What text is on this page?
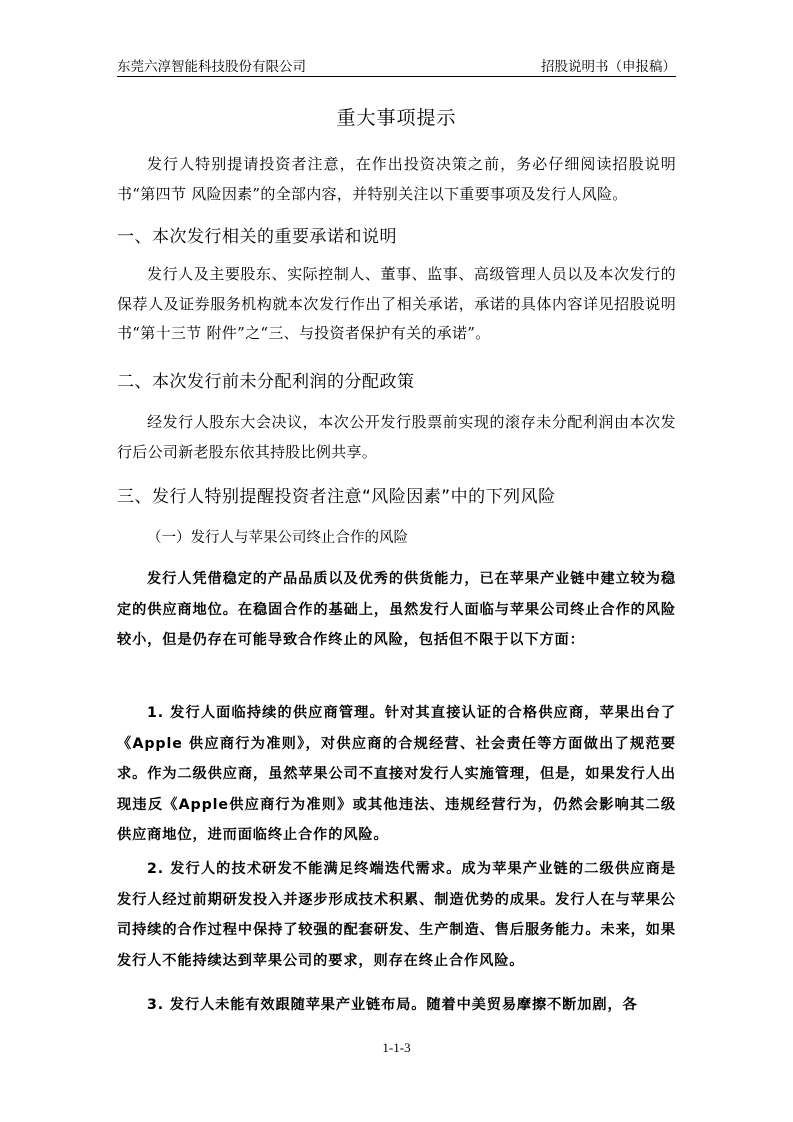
东莞六淳智能科技股份有限公司	招股说明书（申报稿）
重大事项提示
发行人特别提请投资者注意，在作出投资决策之前，务必仔细阅读招股说明书“第四节 风险因素”的全部内容，并特别关注以下重要事项及发行人风险。
一、本次发行相关的重要承诺和说明
发行人及主要股东、实际控制人、董事、监事、高级管理人员以及本次发行的保荐人及证券服务机构就本次发行作出了相关承诺，承诺的具体内容详见招股说明书“第十三节 附件”之“三、与投资者保护有关的承诺”。
二、本次发行前未分配利润的分配政策
经发行人股东大会决议，本次公开发行股票前实现的滚存未分配利润由本次发行后公司新老股东依其持股比例共享。
三、发行人特别提醒投资者注意“风险因素”中的下列风险
（一）发行人与苹果公司终止合作的风险
发行人凭借稳定的产品品质以及优秀的供货能力，已在苹果产业链中建立较为稳定的供应商地位。在稳固合作的基础上，虽然发行人面临与苹果公司终止合作的风险较小，但是仍存在可能导致合作终止的风险，包括但不限于以下方面：
1. 发行人面临持续的供应商管理。针对其直接认证的合格供应商，苹果出台了《Apple 供应商行为准则》，对供应商的合规经营、社会责任等方面做出了规范要求。作为二级供应商，虽然苹果公司不直接对发行人实施管理，但是，如果发行人出现违反《Apple供应商行为准则》或其他违法、违规经营行为，仍然会影响其二级供应商地位，进而面临终止合作的风险。
2. 发行人的技术研发不能满足终端迭代需求。成为苹果产业链的二级供应商是发行人经过前期研发投入并逐步形成技术积累、制造优势的成果。发行人在与苹果公司持续的合作过程中保持了较强的配套研发、生产制造、售后服务能力。未来，如果发行人不能持续达到苹果公司的要求，则存在终止合作风险。
3. 发行人未能有效跟随苹果产业链布局。随着中美贸易摩擦不断加剧，各
1-1-3
